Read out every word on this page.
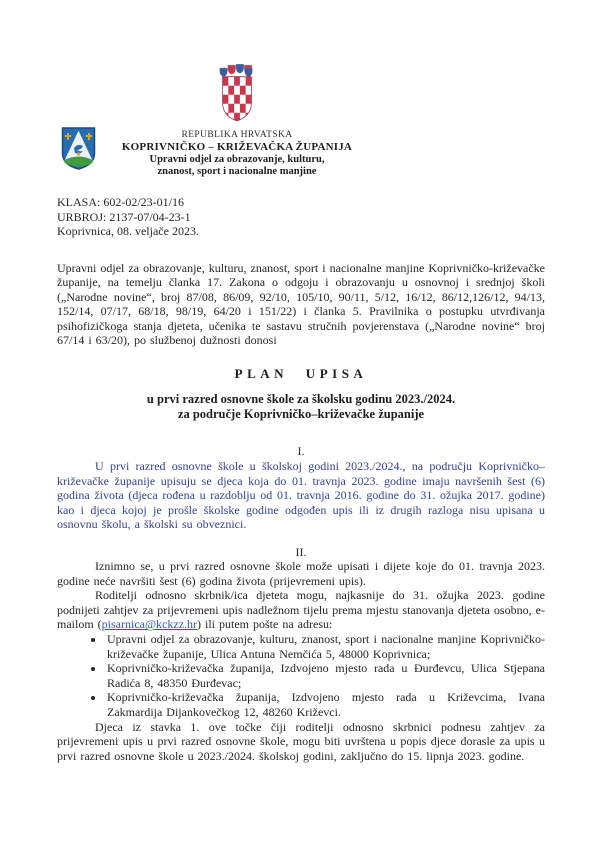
REPUBLIKA HRVATSKA
KOPRIVNIČKO – KRIŽEVAČKA ŽUPANIJA
Upravni odjel za obrazovanje, kulturu,
znanost, sport i nacionalne manjine
KLASA: 602-02/23-01/16
URBROJ: 2137-07/04-23-1
Koprivnica, 08. veljače 2023.

Upravni odjel za obrazovanje, kulturu, znanost, sport i nacionalne manjine Koprivničko-križevačke županije, na temelju članka 17. Zakona o odgoju i obrazovanju u osnovnoj i srednjoj školi („Narodne novine“, broj 87/08, 86/09, 92/10, 105/10, 90/11, 5/12, 16/12, 86/12,126/12, 94/13, 152/14, 07/17, 68/18, 98/19, 64/20 i 151/22) i članka 5. Pravilnika o postupku utvrđivanja psihofizičkoga stanja djeteta, učenika te sastavu stručnih povjerenstava („Narodne novine“ broj 67/14 i 63/20), po službenoj dužnosti donosi

PLAN UPISA
u prvi razred osnovne škole za školsku godinu 2023./2024.
za područje Koprivničko–križevačke županije
I.

U prvi razred osnovne škole u školskoj godini 2023./2024., na području Koprivničko–križevačke županije upisuju se djeca koja do 01. travnja 2023. godine imaju navršenih šest (6) godina života (djeca rođena u razdoblju od 01. travnja 2016. godine do 31. ožujka 2017. godine) kao i djeca kojoj je prošle školske godine odgođen upis ili iz drugih razloga nisu upisana u osnovnu školu, a školski su obveznici.

II.

Iznimno se, u prvi razred osnovne škole može upisati i dijete koje do 01. travnja 2023. godine neće navršiti šest (6) godina života (prijevremeni upis).

Roditelji odnosno skrbnik/ica djeteta mogu, najkasnije do 31. ožujka 2023. godine podnijeti zahtjev za prijevremeni upis nadležnom tijelu prema mjestu stanovanja djeteta osobno, e-mailom (pisarnica@kckzz.hr) ili putem pošte na adresu:

• Upravni odjel za obrazovanje, kulturu, znanost, sport i nacionalne manjine Koprivničko-križevačke županije, Ulica Antuna Nemčića 5, 48000 Koprivnica;
• Koprivničko-križevačka županija, Izdvojeno mjesto rada u Đurđevcu, Ulica Stjepana Radića 8, 48350 Đurđevac;
• Koprivničko-križevačka županija, Izdvojeno mjesto rada u Križevcima, Ivana Zakmardija Dijankovečkog 12, 48260 Križevci.

Djeca iz stavka 1. ove točke čiji roditelji odnosno skrbnici podnesu zahtjev za prijevremeni upis u prvi razred osnovne škole, mogu biti uvrštena u popis djece dorasle za upis u prvi razred osnovne škole u 2023./2024. školskoj godini, zaključno do 15. lipnja 2023. godine.
